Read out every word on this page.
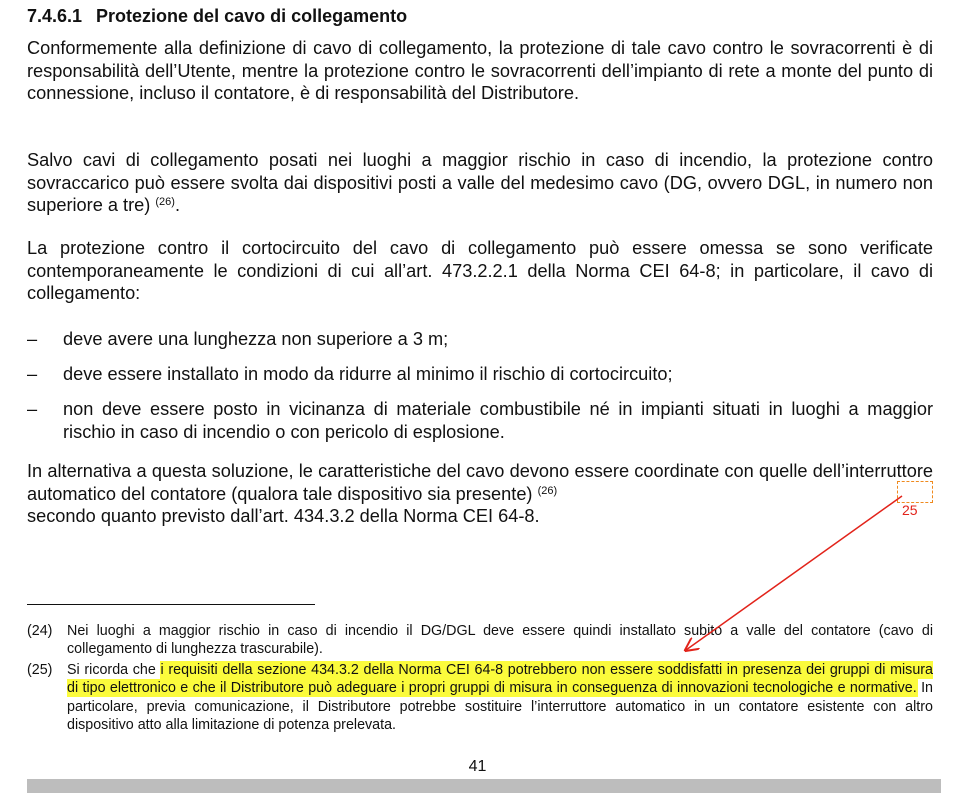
7.4.6.1 Protezione del cavo di collegamento
Conformemente alla definizione di cavo di collegamento, la protezione di tale cavo contro le sovracorrenti è di responsabilità dell’Utente, mentre la protezione contro le sovracorrenti dell’impianto di rete a monte del punto di connessione, incluso il contatore, è di responsabilità del Distributore.
Salvo cavi di collegamento posati nei luoghi a maggior rischio in caso di incendio, la protezione contro sovraccarico può essere svolta dai dispositivi posti a valle del medesimo cavo (DG, ovvero DGL, in numero non superiore a tre) $^{(26)}$.
La protezione contro il cortocircuito del cavo di collegamento può essere omessa se sono verificate contemporaneamente le condizioni di cui all’art. 473.2.2.1 della Norma CEI 64-8; in particolare, il cavo di collegamento:
– deve avere una lunghezza non superiore a 3 m;
– deve essere installato in modo da ridurre al minimo il rischio di cortocircuito;
– non deve essere posto in vicinanza di materiale combustibile né in impianti situati in luoghi a maggior rischio in caso di incendio o con pericolo di esplosione.
In alternativa a questa soluzione, le caratteristiche del cavo devono essere coordinate con quelle dell’interruttore automatico del contatore (qualora tale dispositivo sia presente) $^{(26)}$
secondo quanto previsto dall’art. 434.3.2 della Norma CEI 64-8.	25
(24) Nei luoghi a maggior rischio in caso di incendio il DG/DGL deve essere quindi installato subito a valle del contatore (cavo di collegamento di lunghezza trascurabile).
(25) Si ricorda che i requisiti della sezione 434.3.2 della Norma CEI 64-8 potrebbero non essere soddisfatti in presenza dei gruppi di misura di tipo elettronico e che il Distributore può adeguare i propri gruppi di misura in conseguenza di innovazioni tecnologiche e normative. In particolare, previa comunicazione, il Distributore potrebbe sostituire l’interruttore automatico in un contatore esistente con altro dispositivo atto alla limitazione di potenza prelevata.
41
